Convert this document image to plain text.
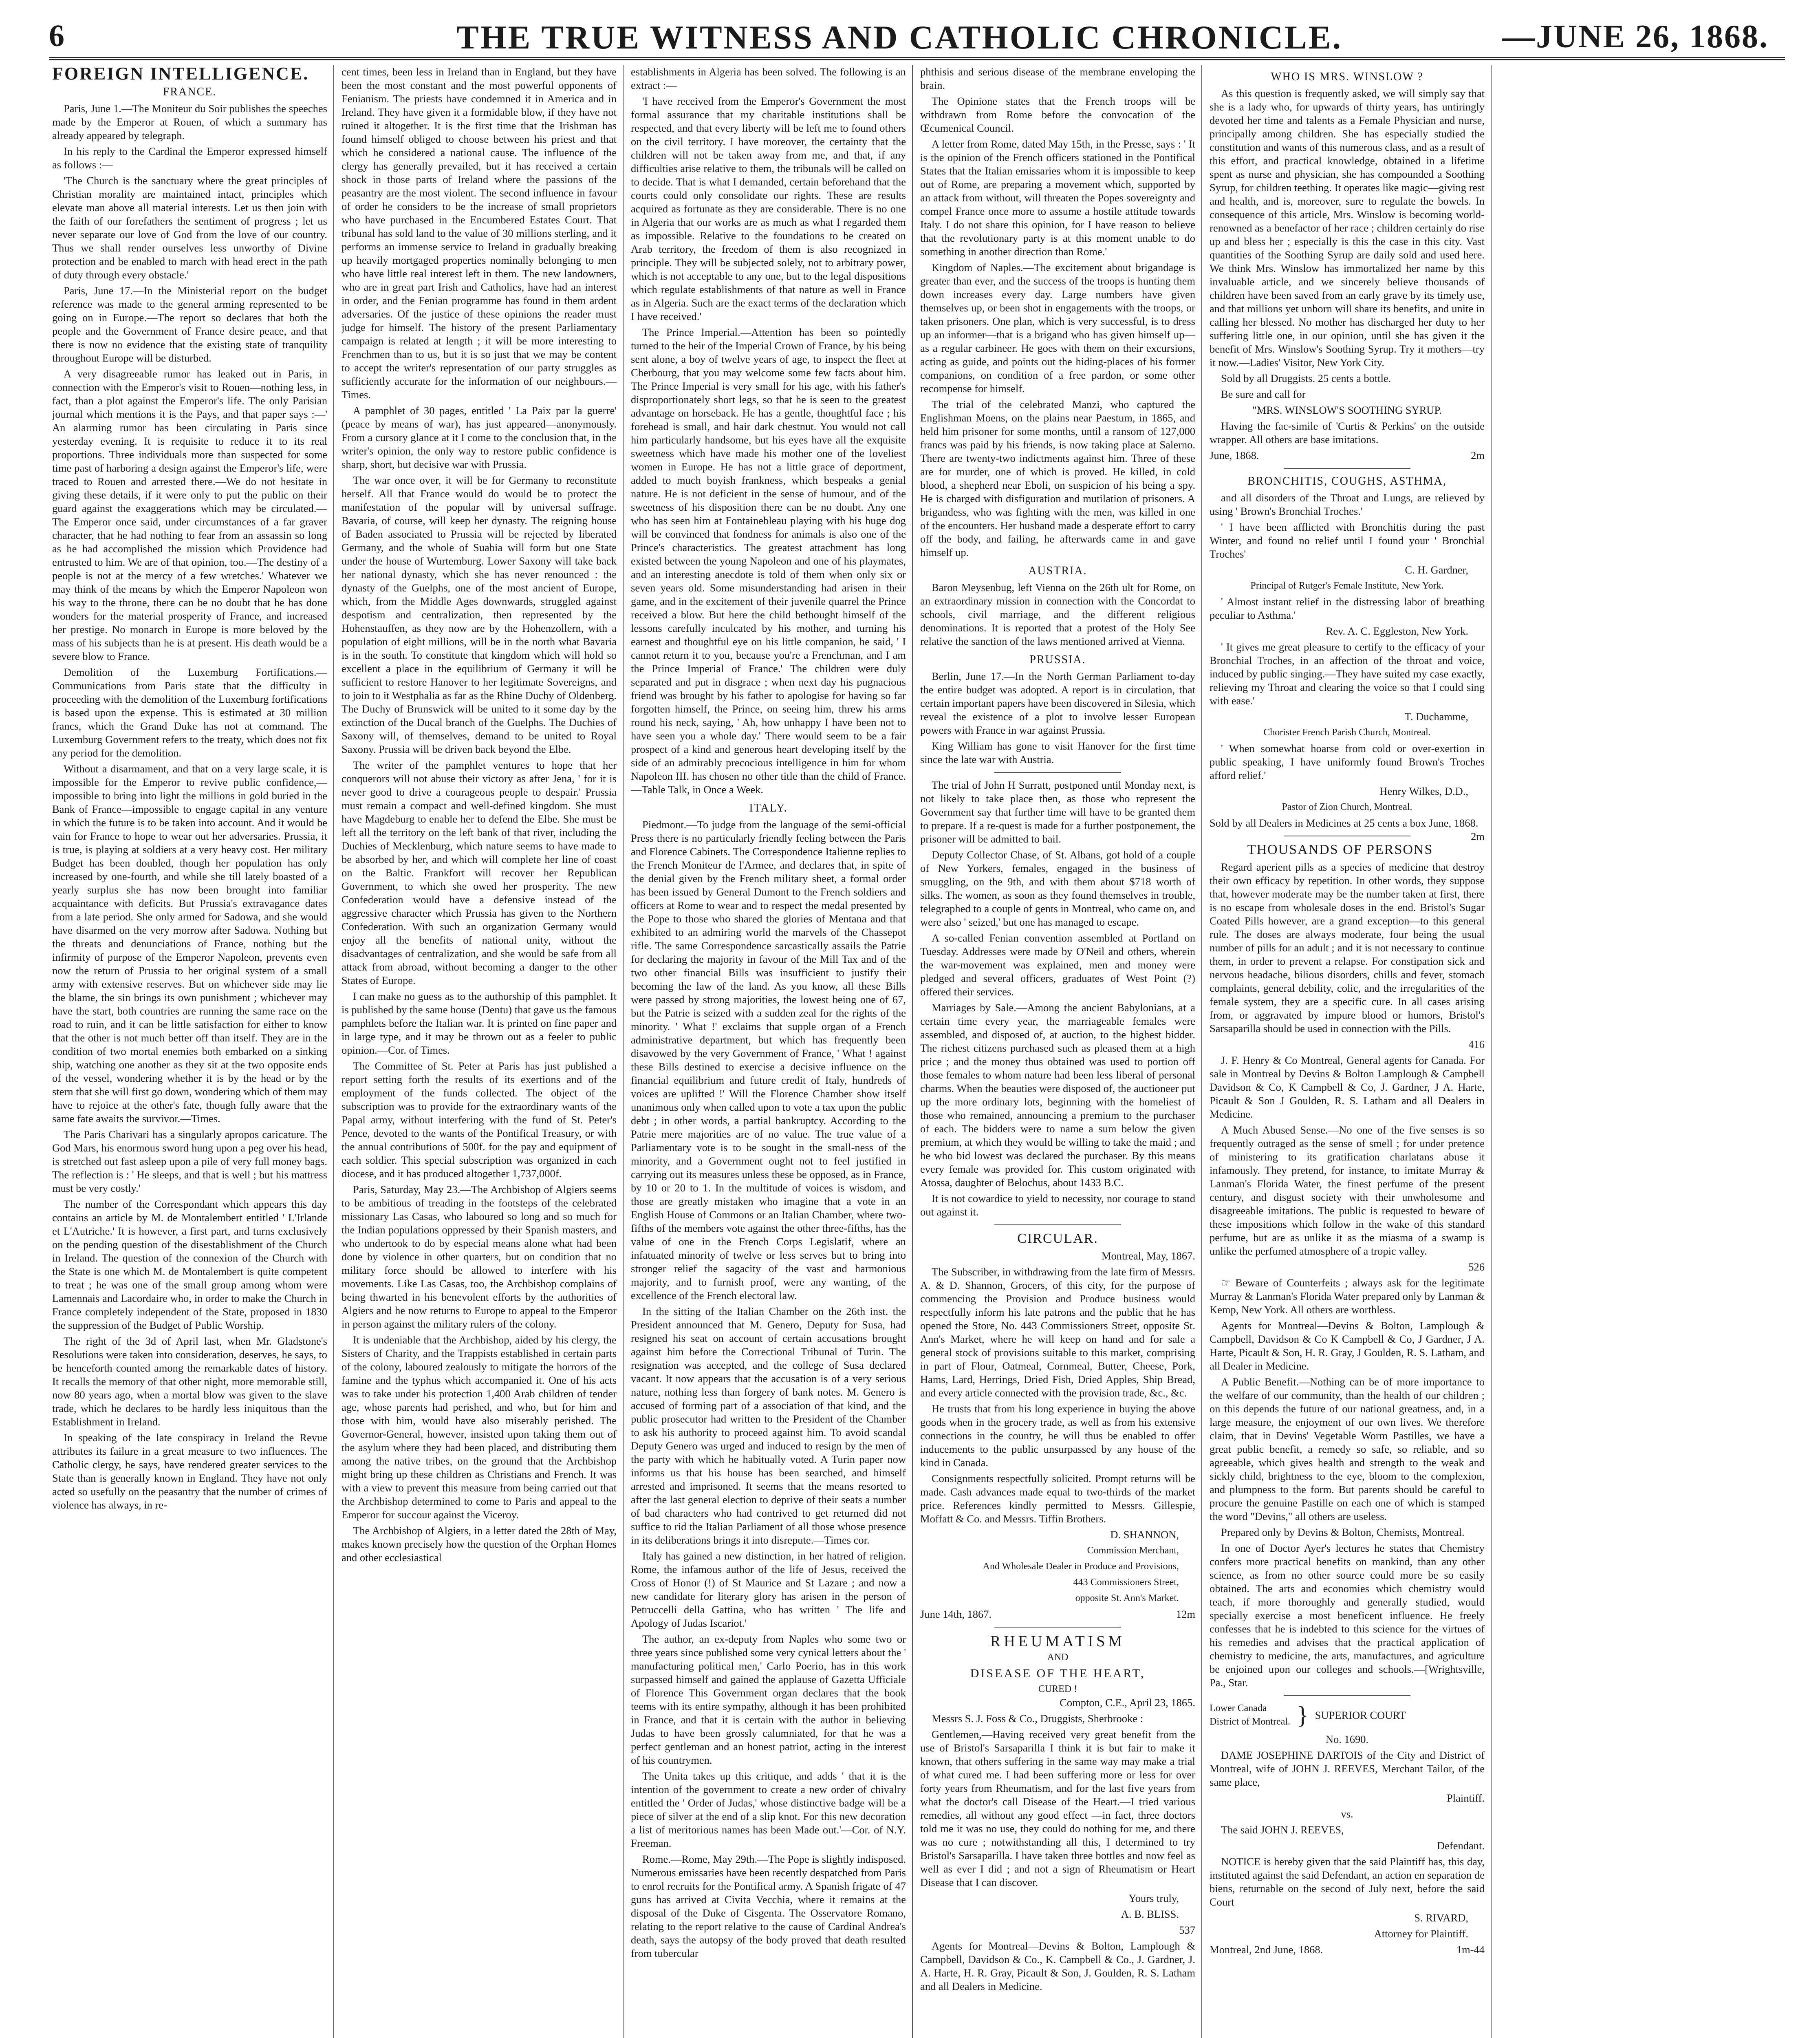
6	THE TRUE WITNESS AND CATHOLIC CHRONICLE.	—JUNE 26, 1868.
FOREIGN INTELLIGENCE.
FRANCE.

Paris, June 1.—The Moniteur du Soir publishes the speeches made by the Emperor at Rouen, of which a summary has already appeared by telegraph.

In his reply to the Cardinal the Emperor expressed himself as follows :—

'The Church is the sanctuary where the great principles of Christian morality are maintained intact, principles which elevate man above all material interests. Let us then join with the faith of our forefathers the sentiment of progress ; let us never separate our love of God from the love of our country. Thus we shall render ourselves less unworthy of Divine protection and be enabled to march with head erect in the path of duty through every obstacle.'

Paris, June 17.—In the Ministerial report on the budget reference was made to the general arming represented to be going on in Europe.—The report so declares that both the people and the Government of France desire peace, and that there is now no evidence that the existing state of tranquility throughout Europe will be disturbed.

A very disagreeable rumor has leaked out in Paris, in connection with the Emperor's visit to Rouen—nothing less, in fact, than a plot against the Emperor's life. The only Parisian journal which mentions it is the Pays, and that paper says :—' An alarming rumor has been circulating in Paris since yesterday evening. It is requisite to reduce it to its real proportions. Three individuals more than suspected for some time past of harboring a design against the Emperor's life, were traced to Rouen and arrested there.—We do not hesitate in giving these details, if it were only to put the public on their guard against the exaggerations which may be circulated.—The Emperor once said, under circumstances of a far graver character, that he had nothing to fear from an assassin so long as he had accomplished the mission which Providence had entrusted to him. We are of that opinion, too.—The destiny of a people is not at the mercy of a few wretches.' Whatever we may think of the means by which the Emperor Napoleon won his way to the throne, there can be no doubt that he has done wonders for the material prosperity of France, and increased her prestige. No monarch in Europe is more beloved by the mass of his subjects than he is at present. His death would be a severe blow to France.

Demolition of the Luxemburg Fortifications.—Communications from Paris state that the difficulty in proceeding with the demolition of the Luxemburg fortifications is based upon the expense. This is estimated at 30 million francs, which the Grand Duke has not at command. The Luxemburg Government refers to the treaty, which does not fix any period for the demolition.

Without a disarmament, and that on a very large scale, it is impossible for the Emperor to revive public confidence,—impossible to bring into light the millions in gold buried in the Bank of France—impossible to engage capital in any venture in which the future is to be taken into account. And it would be vain for France to hope to wear out her adversaries. Prussia, it is true, is playing at soldiers at a very heavy cost. Her military Budget has been doubled, though her population has only increased by one-fourth, and while she till lately boasted of a yearly surplus she has now been brought into familiar acquaintance with deficits. But Prussia's extravagance dates from a late period. She only armed for Sadowa, and she would have disarmed on the very morrow after Sadowa. Nothing but the threats and denunciations of France, nothing but the infirmity of purpose of the Emperor Napoleon, prevents even now the return of Prussia to her original system of a small army with extensive reserves. But on whichever side may lie the blame, the sin brings its own punishment ; whichever may have the start, both countries are running the same race on the road to ruin, and it can be little satisfaction for either to know that the other is not much better off than itself. They are in the condition of two mortal enemies both embarked on a sinking ship, watching one another as they sit at the two opposite ends of the vessel, wondering whether it is by the head or by the stern that she will first go down, wondering which of them may have to rejoice at the other's fate, though fully aware that the same fate awaits the survivor.—Times.

The Paris Charivari has a singularly apropos caricature. The God Mars, his enormous sword hung upon a peg over his head, is stretched out fast asleep upon a pile of very full money bags. The reflection is : ' He sleeps, and that is well ; but his mattress must be very costly.'

The number of the Correspondant which appears this day contains an article by M. de Montalembert entitled ' L'Irlande et L'Autriche.' It is however, a first part, and turns exclusively on the pending question of the disestablishment of the Church in Ireland. The question of the connexion of the Church with the State is one which M. de Montalembert is quite competent to treat ; he was one of the small group among whom were Lamennais and Lacordaire who, in order to make the Church in France completely independent of the State, proposed in 1830 the suppression of the Budget of Public Worship.

The right of the 3d of April last, when Mr. Gladstone's Resolutions were taken into consideration, deserves, he says, to be henceforth counted among the remarkable dates of history. It recalls the memory of that other night, more memorable still, now 80 years ago, when a mortal blow was given to the slave trade, which he declares to be hardly less iniquitous than the Establishment in Ireland.

In speaking of the late conspiracy in Ireland the Revue attributes its failure in a great measure to two influences. The Catholic clergy, he says, have rendered greater services to the State than is generally known in England. They have not only acted so usefully on the peasantry that the number of crimes of violence has always, in re-

cent times, been less in Ireland than in England, but they have been the most constant and the most powerful opponents of Fenianism. The priests have condemned it in America and in Ireland. They have given it a formidable blow, if they have not ruined it altogether. It is the first time that the Irishman has found himself obliged to choose between his priest and that which he considered a national cause. The influence of the clergy has generally prevailed, but it has received a certain shock in those parts of Ireland where the passions of the peasantry are the most violent. The second influence in favour of order he considers to be the increase of small proprietors who have purchased in the Encumbered Estates Court. That tribunal has sold land to the value of 30 millions sterling, and it performs an immense service to Ireland in gradually breaking up heavily mortgaged properties nominally belonging to men who have little real interest left in them. The new landowners, who are in great part Irish and Catholics, have had an interest in order, and the Fenian programme has found in them ardent adversaries. Of the justice of these opinions the reader must judge for himself. The history of the present Parliamentary campaign is related at length ; it will be more interesting to Frenchmen than to us, but it is so just that we may be content to accept the writer's representation of our party struggles as sufficiently accurate for the information of our neighbours.—Times.

A pamphlet of 30 pages, entitled ' La Paix par la guerre' (peace by means of war), has just appeared—anonymously. From a cursory glance at it I come to the conclusion that, in the writer's opinion, the only way to restore public confidence is sharp, short, but decisive war with Prussia.

The war once over, it will be for Germany to reconstitute herself. All that France would do would be to protect the manifestation of the popular will by universal suffrage. Bavaria, of course, will keep her dynasty. The reigning house of Baden associated to Prussia will be rejected by liberated Germany, and the whole of Suabia will form but one State under the house of Wurtemburg. Lower Saxony will take back her national dynasty, which she has never renounced : the dynasty of the Guelphs, one of the most ancient of Europe, which, from the Middle Ages downwards, struggled against despotism and centralization, then represented by the Hohenstauffen, as they now are by the Hohenzollern, with a population of eight millions, will be in the north what Bavaria is in the south. To constitute that kingdom which will hold so excellent a place in the equilibrium of Germany it will be sufficient to restore Hanover to her legitimate Sovereigns, and to join to it Westphalia as far as the Rhine Duchy of Oldenberg. The Duchy of Brunswick will be united to it some day by the extinction of the Ducal branch of the Guelphs. The Duchies of Saxony will, of themselves, demand to be united to Royal Saxony. Prussia will be driven back beyond the Elbe.

The writer of the pamphlet ventures to hope that her conquerors will not abuse their victory as after Jena, ' for it is never good to drive a courageous people to despair.' Prussia must remain a compact and well-defined kingdom. She must have Magdeburg to enable her to defend the Elbe. She must be left all the territory on the left bank of that river, including the Duchies of Mecklenburg, which nature seems to have made to be absorbed by her, and which will complete her line of coast on the Baltic. Frankfort will recover her Republican Government, to which she owed her prosperity. The new Confederation would have a defensive instead of the aggressive character which Prussia has given to the Northern Confederation. With such an organization Germany would enjoy all the benefits of national unity, without the disadvantages of centralization, and she would be safe from all attack from abroad, without becoming a danger to the other States of Europe.

I can make no guess as to the authorship of this pamphlet. It is published by the same house (Dentu) that gave us the famous pamphlets before the Italian war. It is printed on fine paper and in large type, and it may be thrown out as a feeler to public opinion.—Cor. of Times.

The Committee of St. Peter at Paris has just published a report setting forth the results of its exertions and of the employment of the funds collected. The object of the subscription was to provide for the extraordinary wants of the Papal army, without interfering with the fund of St. Peter's Pence, devoted to the wants of the Pontifical Treasury, or with the annual contributions of 500f. for the pay and equipment of each soldier. This special subscription was organized in each diocese, and it has produced altogether 1,737,000f.

Paris, Saturday, May 23.—The Archbishop of Algiers seems to be ambitious of treading in the footsteps of the celebrated missionary Las Casas, who laboured so long and so much for the Indian populations oppressed by their Spanish masters, and who undertook to do by especial means alone what had been done by violence in other quarters, but on condition that no military force should be allowed to interfere with his movements. Like Las Casas, too, the Archbishop complains of being thwarted in his benevolent efforts by the authorities of Algiers and he now returns to Europe to appeal to the Emperor in person against the military rulers of the colony.

It is undeniable that the Archbishop, aided by his clergy, the Sisters of Charity, and the Trappists established in certain parts of the colony, laboured zealously to mitigate the horrors of the famine and the typhus which accompanied it. One of his acts was to take under his protection 1,400 Arab children of tender age, whose parents had perished, and who, but for him and those with him, would have also miserably perished. The Governor-General, however, insisted upon taking them out of the asylum where they had been placed, and distributing them among the native tribes, on the ground that the Archbishop might bring up these children as Christians and French. It was with a view to prevent this measure from being carried out that the Archbishop determined to come to Paris and appeal to the Emperor for succour against the Viceroy.

The Archbishop of Algiers, in a letter dated the 28th of May, makes known precisely how the question of the Orphan Homes and other ecclesiastical

establishments in Algeria has been solved. The following is an extract :—

'I have received from the Emperor's Government the most formal assurance that my charitable institutions shall be respected, and that every liberty will be left me to found others on the civil territory. I have moreover, the certainty that the children will not be taken away from me, and that, if any difficulties arise relative to them, the tribunals will be called on to decide. That is what I demanded, certain beforehand that the courts could only consolidate our rights. These are results acquired as fortunate as they are considerable. There is no one in Algeria that our works are as much as what I regarded them as impossible. Relative to the foundations to be created on Arab territory, the freedom of them is also recognized in principle. They will be subjected solely, not to arbitrary power, which is not acceptable to any one, but to the legal dispositions which regulate establishments of that nature as well in France as in Algeria. Such are the exact terms of the declaration which I have received.'

The Prince Imperial.—Attention has been so pointedly turned to the heir of the Imperial Crown of France, by his being sent alone, a boy of twelve years of age, to inspect the fleet at Cherbourg, that you may welcome some few facts about him. The Prince Imperial is very small for his age, with his father's disproportionately short legs, so that he is seen to the greatest advantage on horseback. He has a gentle, thoughtful face ; his forehead is small, and hair dark chestnut. You would not call him particularly handsome, but his eyes have all the exquisite sweetness which have made his mother one of the loveliest women in Europe. He has not a little grace of deportment, added to much boyish frankness, which bespeaks a genial nature. He is not deficient in the sense of humour, and of the sweetness of his disposition there can be no doubt. Any one who has seen him at Fontainebleau playing with his huge dog will be convinced that fondness for animals is also one of the Prince's characteristics. The greatest attachment has long existed between the young Napoleon and one of his playmates, and an interesting anecdote is told of them when only six or seven years old. Some misunderstanding had arisen in their game, and in the excitement of their juvenile quarrel the Prince received a blow. But here the child bethought himself of the lessons carefully inculcated by his mother, and turning his earnest and thoughtful eye on his little companion, he said, ' I cannot return it to you, because you're a Frenchman, and I am the Prince Imperial of France.' The children were duly separated and put in disgrace ; when next day his pugnacious friend was brought by his father to apologise for having so far forgotten himself, the Prince, on seeing him, threw his arms round his neck, saying, ' Ah, how unhappy I have been not to have seen you a whole day.' There would seem to be a fair prospect of a kind and generous heart developing itself by the side of an admirably precocious intelligence in him for whom Napoleon III. has chosen no other title than the child of France.—Table Talk, in Once a Week.

ITALY.

Piedmont.—To judge from the language of the semi-official Press there is no particularly friendly feeling between the Paris and Florence Cabinets. The Correspondence Italienne replies to the French Moniteur de l'Armee, and declares that, in spite of the denial given by the French military sheet, a formal order has been issued by General Dumont to the French soldiers and officers at Rome to wear and to respect the medal presented by the Pope to those who shared the glories of Mentana and that exhibited to an admiring world the marvels of the Chassepot rifle. The same Correspondence sarcastically assails the Patrie for declaring the majority in favour of the Mill Tax and of the two other financial Bills was insufficient to justify their becoming the law of the land. As you know, all these Bills were passed by strong majorities, the lowest being one of 67, but the Patrie is seized with a sudden zeal for the rights of the minority. ' What !' exclaims that supple organ of a French administrative department, but which has frequently been disavowed by the very Government of France, ' What ! against these Bills destined to exercise a decisive influence on the financial equilibrium and future credit of Italy, hundreds of voices are uplifted !' Will the Florence Chamber show itself unanimous only when called upon to vote a tax upon the public debt ; in other words, a partial bankruptcy. According to the Patrie mere majorities are of no value. The true value of a Parliamentary vote is to be sought in the small-ness of the minority, and a Government ought not to feel justified in carrying out its measures unless these be opposed, as in France, by 10 or 20 to 1. In the multitude of voices is wisdom, and those are greatly mistaken who imagine that a vote in an English House of Commons or an Italian Chamber, where two-fifths of the members vote against the other three-fifths, has the value of one in the French Corps Legislatif, where an infatuated minority of twelve or less serves but to bring into stronger relief the sagacity of the vast and harmonious majority, and to furnish proof, were any wanting, of the excellence of the French electoral law.

In the sitting of the Italian Chamber on the 26th inst. the President announced that M. Genero, Deputy for Susa, had resigned his seat on account of certain accusations brought against him before the Correctional Tribunal of Turin. The resignation was accepted, and the college of Susa declared vacant. It now appears that the accusation is of a very serious nature, nothing less than forgery of bank notes. M. Genero is accused of forming part of a association of that kind, and the public prosecutor had written to the President of the Chamber to ask his authority to proceed against him. To avoid scandal Deputy Genero was urged and induced to resign by the men of the party with which he habitually voted. A Turin paper now informs us that his house has been searched, and himself arrested and imprisoned. It seems that the means resorted to after the last general election to deprive of their seats a number of bad characters who had contrived to get returned did not suffice to rid the Italian Parliament of all those whose presence in its deliberations brings it into disrepute.—Times cor.

Italy has gained a new distinction, in her hatred of religion. Rome, the infamous author of the life of Jesus, received the Cross of Honor (!) of St Maurice and St Lazare ; and now a new candidate for literary glory has arisen in the person of Petruccelli della Gattina, who has written ' The life and Apology of Judas Iscariot.'

The author, an ex-deputy from Naples who some two or three years since published some very cynical letters about the ' manufacturing political men,' Carlo Poerio, has in this work surpassed himself and gained the applause of Gazetta Ufficiale of Florence This Government organ declares that the book teems with its entire sympathy, although it has been prohibited in France, and that it is certain with the author in believing Judas to have been grossly calumniated, for that he was a perfect gentleman and an honest patriot, acting in the interest of his countrymen.

The Unita takes up this critique, and adds ' that it is the intention of the government to create a new order of chivalry entitled the ' Order of Judas,' whose distinctive badge will be a piece of silver at the end of a slip knot. For this new decoration a list of meritorious names has been Made out.'—Cor. of N.Y. Freeman.

Rome.—Rome, May 29th.—The Pope is slightly indisposed. Numerous emissaries have been recently despatched from Paris to enrol recruits for the Pontifical army. A Spanish frigate of 47 guns has arrived at Civita Vecchia, where it remains at the disposal of the Duke of Cisgenta. The Osservatore Romano, relating to the report relative to the cause of Cardinal Andrea's death, says the autopsy of the body proved that death resulted from tubercular

phthisis and serious disease of the membrane enveloping the brain.

The Opinione states that the French troops will be withdrawn from Rome before the convocation of the Œcumenical Council.

A letter from Rome, dated May 15th, in the Presse, says : ' It is the opinion of the French officers stationed in the Pontifical States that the Italian emissaries whom it is impossible to keep out of Rome, are preparing a movement which, supported by an attack from without, will threaten the Popes sovereignty and compel France once more to assume a hostile attitude towards Italy. I do not share this opinion, for I have reason to believe that the revolutionary party is at this moment unable to do something in another direction than Rome.'

Kingdom of Naples.—The excitement about brigandage is greater than ever, and the success of the troops is hunting them down increases every day. Large numbers have given themselves up, or been shot in engagements with the troops, or taken prisoners. One plan, which is very successful, is to dress up an informer—that is a brigand who has given himself up—as a regular carbineer. He goes with them on their excursions, acting as guide, and points out the hiding-places of his former companions, on condition of a free pardon, or some other recompense for himself.

The trial of the celebrated Manzi, who captured the Englishman Moens, on the plains near Paestum, in 1865, and held him prisoner for some months, until a ransom of 127,000 francs was paid by his friends, is now taking place at Salerno. There are twenty-two indictments against him. Three of these are for murder, one of which is proved. He killed, in cold blood, a shepherd near Eboli, on suspicion of his being a spy. He is charged with disfiguration and mutilation of prisoners. A brigandess, who was fighting with the men, was killed in one of the encounters. Her husband made a desperate effort to carry off the body, and failing, he afterwards came in and gave himself up.

AUSTRIA.

Baron Meysenbug, left Vienna on the 26th ult for Rome, on an extraordinary mission in connection with the Concordat to schools, civil marriage, and the different religious denominations. It is reported that a protest of the Holy See relative the sanction of the laws mentioned arrived at Vienna.

PRUSSIA.

Berlin, June 17.—In the North German Parliament to-day the entire budget was adopted. A report is in circulation, that certain important papers have been discovered in Silesia, which reveal the existence of a plot to involve lesser European powers with France in war against Prussia.

King William has gone to visit Hanover for the first time since the late war with Austria.

The trial of John H Surratt, postponed until Monday next, is not likely to take place then, as those who represent the Government say that further time will have to be granted them to prepare. If a re-quest is made for a further postponement, the prisoner will be admitted to bail.

Deputy Collector Chase, of St. Albans, got hold of a couple of New Yorkers, females, engaged in the business of smuggling, on the 9th, and with them about $718 worth of silks. The women, as soon as they found themselves in trouble, telegraphed to a couple of gents in Montreal, who came on, and were also ' seized,' but one has managed to escape.

A so-called Fenian convention assembled at Portland on Tuesday. Addresses were made by O'Neil and others, wherein the war-movement was explained, men and money were pledged and several officers, graduates of West Point (?) offered their services.

Marriages by Sale.—Among the ancient Babylonians, at a certain time every year, the marriageable females were assembled, and disposed of, at auction, to the highest bidder. The richest citizens purchased such as pleased them at a high price ; and the money thus obtained was used to portion off those females to whom nature had been less liberal of personal charms. When the beauties were disposed of, the auctioneer put up the more ordinary lots, beginning with the homeliest of those who remained, announcing a premium to the purchaser of each. The bidders were to name a sum below the given premium, at which they would be willing to take the maid ; and he who bid lowest was declared the purchaser. By this means every female was provided for. This custom originated with Atossa, daughter of Belochus, about 1433 B.C.

It is not cowardice to yield to necessity, nor courage to stand out against it.

CIRCULAR.

Montreal, May, 1867.

The Subscriber, in withdrawing from the late firm of Messrs. A. & D. Shannon, Grocers, of this city, for the purpose of commencing the Provision and Produce business would respectfully inform his late patrons and the public that he has opened the Store, No. 443 Commissioners Street, opposite St. Ann's Market, where he will keep on hand and for sale a general stock of provisions suitable to this market, comprising in part of Flour, Oatmeal, Cornmeal, Butter, Cheese, Pork, Hams, Lard, Herrings, Dried Fish, Dried Apples, Ship Bread, and every article connected with the provision trade, &c., &c.

He trusts that from his long experience in buying the above goods when in the grocery trade, as well as from his extensive connections in the country, he will thus be enabled to offer inducements to the public unsurpassed by any house of the kind in Canada.

Consignments respectfully solicited. Prompt returns will be made. Cash advances made equal to two-thirds of the market price. References kindly permitted to Messrs. Gillespie, Moffatt & Co. and Messrs. Tiffin Brothers.

D. SHANNON,

Commission Merchant,

And Wholesale Dealer in Produce and Provisions,

443 Commissioners Street,

opposite St. Ann's Market.

June 14th, 1867.	12m

RHEUMATISM
AND
DISEASE OF THE HEART,
CURED !

Compton, C.E., April 23, 1865.

Messrs S. J. Foss & Co., Druggists, Sherbrooke :

Gentlemen,—Having received very great benefit from the use of Bristol's Sarsaparilla I think it is but fair to make it known, that others suffering in the same way may make a trial of what cured me. I had been suffering more or less for over forty years from Rheumatism, and for the last five years from what the doctor's call Disease of the Heart.—I tried various remedies, all without any good effect —in fact, three doctors told me it was no use, they could do nothing for me, and there was no cure ; notwithstanding all this, I determined to try Bristol's Sarsaparilla. I have taken three bottles and now feel as well as ever I did ; and not a sign of Rheumatism or Heart Disease that I can discover.

Yours truly,

A. B. BLISS.

537

Agents for Montreal—Devins & Bolton, Lamplough & Campbell, Davidson & Co., K. Campbell & Co., J. Gardner, J. A. Harte, H. R. Gray, Picault & Son, J. Goulden, R. S. Latham and all Dealers in Medicine.

WHO IS MRS. WINSLOW ?

As this question is frequently asked, we will simply say that she is a lady who, for upwards of thirty years, has untiringly devoted her time and talents as a Female Physician and nurse, principally among children. She has especially studied the constitution and wants of this numerous class, and as a result of this effort, and practical knowledge, obtained in a lifetime spent as nurse and physician, she has compounded a Soothing Syrup, for children teething. It operates like magic—giving rest and health, and is, moreover, sure to regulate the bowels. In consequence of this article, Mrs. Winslow is becoming world-renowned as a benefactor of her race ; children certainly do rise up and bless her ; especially is this the case in this city. Vast quantities of the Soothing Syrup are daily sold and used here. We think Mrs. Winslow has immortalized her name by this invaluable article, and we sincerely believe thousands of children have been saved from an early grave by its timely use, and that millions yet unborn will share its benefits, and unite in calling her blessed. No mother has discharged her duty to her suffering little one, in our opinion, until she has given it the benefit of Mrs. Winslow's Soothing Syrup. Try it mothers—try it now.—Ladies' Visitor, New York City.

Sold by all Druggists. 25 cents a bottle.

Be sure and call for

"MRS. WINSLOW'S SOOTHING SYRUP.

Having the fac-simile of 'Curtis & Perkins' on the outside wrapper. All others are base imitations.

June, 1868.	2m

BRONCHITIS, COUGHS, ASTHMA,

and all disorders of the Throat and Lungs, are relieved by using ' Brown's Bronchial Troches.'

' I have been afflicted with Bronchitis during the past Winter, and found no relief until I found your ' Bronchial Troches'

C. H. Gardner,

Principal of Rutger's Female Institute, New York.

' Almost instant relief in the distressing labor of breathing peculiar to Asthma.'

Rev. A. C. Eggleston, New York.

' It gives me great pleasure to certify to the efficacy of your Bronchial Troches, in an affection of the throat and voice, induced by public singing.—They have suited my case exactly, relieving my Throat and clearing the voice so that I could sing with ease.'

T. Duchamme,

Chorister French Parish Church, Montreal.

' When somewhat hoarse from cold or over-exertion in public speaking, I have uniformly found Brown's Troches afford relief.'

Henry Wilkes, D.D.,

Pastor of Zion Church, Montreal.

Sold by all Dealers in Medicines at 25 cents a box June, 1868.
2m

THOUSANDS OF PERSONS

Regard aperient pills as a species of medicine that destroy their own efficacy by repetition. In other words, they suppose that, however moderate may be the number taken at first, there is no escape from wholesale doses in the end. Bristol's Sugar Coated Pills however, are a grand exception—to this general rule. The doses are always moderate, four being the usual number of pills for an adult ; and it is not necessary to continue them, in order to prevent a relapse. For constipation sick and nervous headache, bilious disorders, chills and fever, stomach complaints, general debility, colic, and the irregularities of the female system, they are a specific cure. In all cases arising from, or aggravated by impure blood or humors, Bristol's Sarsaparilla should be used in connection with the Pills.

416

J. F. Henry & Co Montreal, General agents for Canada. For sale in Montreal by Devins & Bolton Lamplough & Campbell Davidson & Co, K Campbell & Co, J. Gardner, J A. Harte, Picault & Son J Goulden, R. S. Latham and all Dealers in Medicine.

A Much Abused Sense.—No one of the five senses is so frequently outraged as the sense of smell ; for under pretence of ministering to its gratification charlatans abuse it infamously. They pretend, for instance, to imitate Murray & Lanman's Florida Water, the finest perfume of the present century, and disgust society with their unwholesome and disagreeable imitations. The public is requested to beware of these impositions which follow in the wake of this standard perfume, but are as unlike it as the miasma of a swamp is unlike the perfumed atmosphere of a tropic valley.

526

☞ Beware of Counterfeits ; always ask for the legitimate Murray & Lanman's Florida Water prepared only by Lanman & Kemp, New York. All others are worthless.

Agents for Montreal—Devins & Bolton, Lamplough & Campbell, Davidson & Co K Campbell & Co, J Gardner, J A. Harte, Picault & Son, H. R. Gray, J Goulden, R. S. Latham, and all Dealer in Medicine.

A Public Benefit.—Nothing can be of more importance to the welfare of our community, than the health of our children ; on this depends the future of our national greatness, and, in a large measure, the enjoyment of our own lives. We therefore claim, that in Devins' Vegetable Worm Pastilles, we have a great public benefit, a remedy so safe, so reliable, and so agreeable, which gives health and strength to the weak and sickly child, brightness to the eye, bloom to the complexion, and plumpness to the form. But parents should be careful to procure the genuine Pastille on each one of which is stamped the word "Devins," all others are useless.

Prepared only by Devins & Bolton, Chemists, Montreal.

In one of Doctor Ayer's lectures he states that Chemistry confers more practical benefits on mankind, than any other science, as from no other source could more be so easily obtained. The arts and economies which chemistry would teach, if more thoroughly and generally studied, would specially exercise a most beneficent influence. He freely confesses that he is indebted to this science for the virtues of his remedies and advises that the practical application of chemistry to medicine, the arts, manufactures, and agriculture be enjoined upon our colleges and schools.—[Wrightsville, Pa., Star.

Lower Canada
District of Montreal. } SUPERIOR COURT

No. 1690.

DAME JOSEPHINE DARTOIS of the City and District of Montreal, wife of JOHN J. REEVES, Merchant Tailor, of the same place,

Plaintiff.

vs.

The said JOHN J. REEVES,

Defendant.

NOTICE is hereby given that the said Plaintiff has, this day, instituted against the said Defendant, an action en separation de biens, returnable on the second of July next, before the said Court

S. RIVARD,

Attorney for Plaintiff.

Montreal, 2nd June, 1868.	1m-44
